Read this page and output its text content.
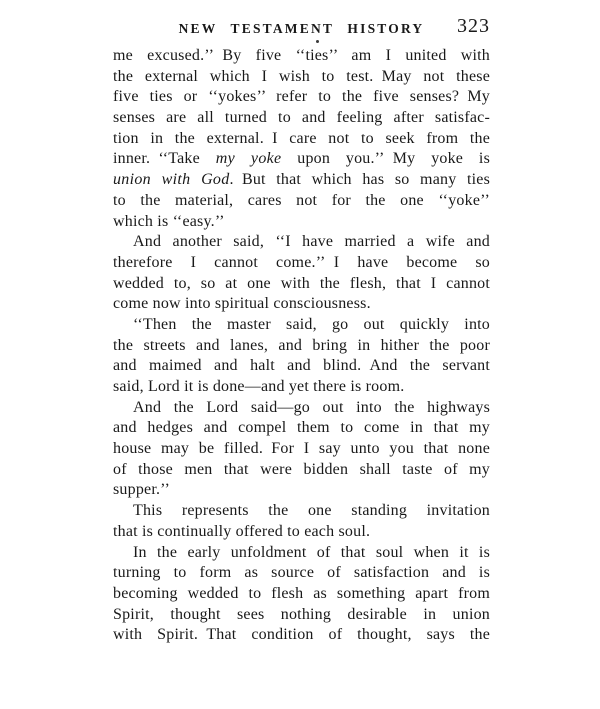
NEW TESTAMENT HISTORY	323
me excused.’’ By five ‘‘ties’’ am I united with
the external which I wish to test. May not these
five ties or ‘‘yokes’’ refer to the five senses? My
senses are all turned to and feeling after satisfac-
tion in the external. I care not to seek from the
inner. ‘‘Take my yoke upon you.’’ My yoke is
union with God. But that which has so many ties
to the material, cares not for the one ‘‘yoke’’
which is ‘‘easy.’’
And another said, ‘‘I have married a wife and
therefore I cannot come.’’ I have become so
wedded to, so at one with the flesh, that I cannot
come now into spiritual consciousness.
‘‘Then the master said, go out quickly into
the streets and lanes, and bring in hither the poor
and maimed and halt and blind. And the servant
said, Lord it is done—and yet there is room.
And the Lord said—go out into the highways
and hedges and compel them to come in that my
house may be filled. For I say unto you that none
of those men that were bidden shall taste of my
supper.’’
This represents the one standing invitation
that is continually offered to each soul.
In the early unfoldment of that soul when it is
turning to form as source of satisfaction and is
becoming wedded to flesh as something apart from
Spirit, thought sees nothing desirable in union
with Spirit. That condition of thought, says the
